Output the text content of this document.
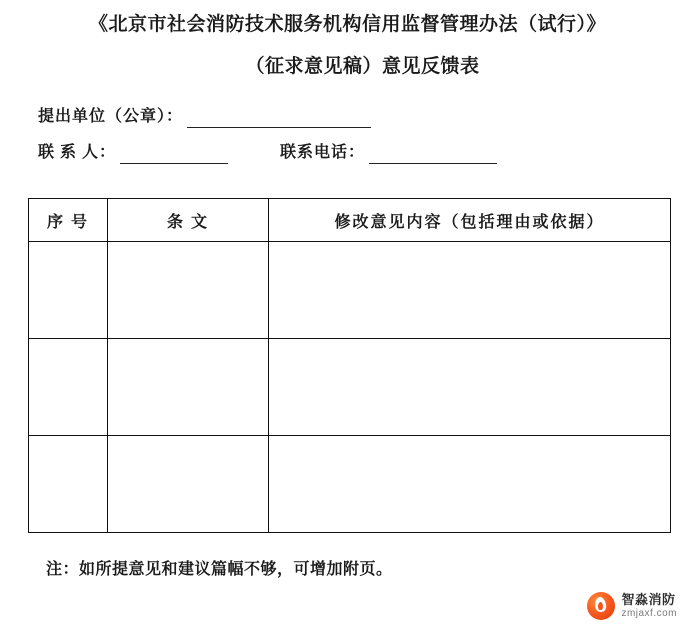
《北京市社会消防技术服务机构信用监督管理办法（试行）》
（征求意见稿）意见反馈表
提出单位（公章）：
联 系 人：	联系电话：
序 号	条 文	修改意见内容（包括理由或依据）

注：如所提意见和建议篇幅不够，可增加附页。
智淼消防
zmjaxf.com
